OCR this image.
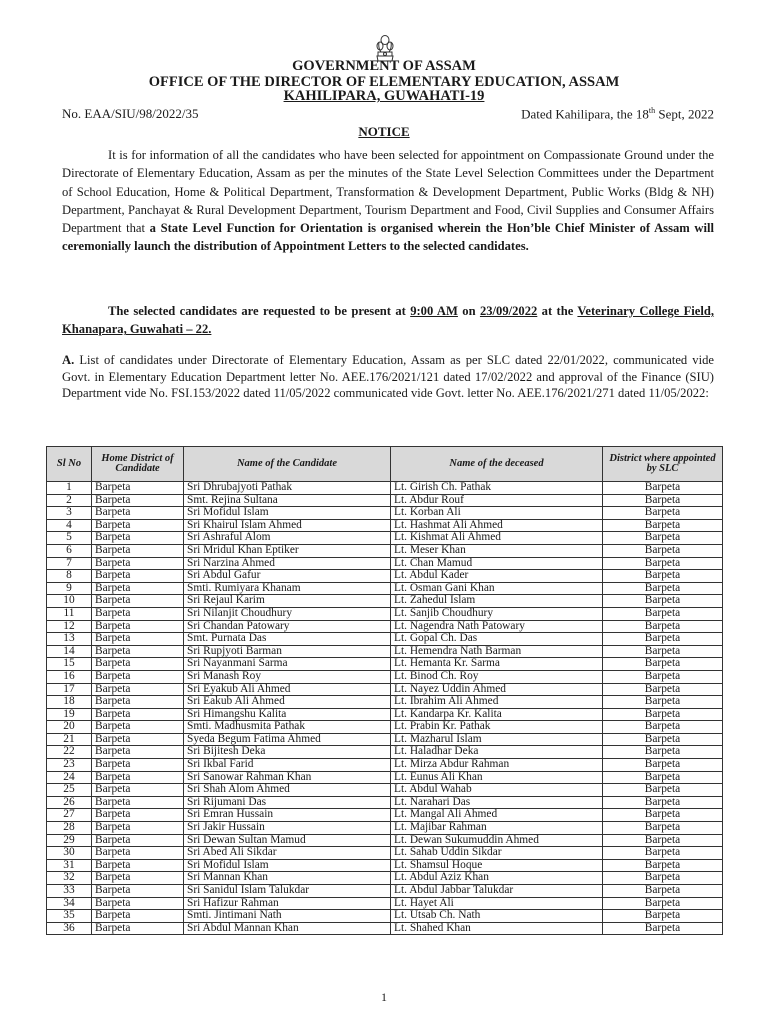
GOVERNMENT OF ASSAM
OFFICE OF THE DIRECTOR OF ELEMENTARY EDUCATION, ASSAM
KAHILIPARA, GUWAHATI-19
No. EAA/SIU/98/2022/35	Dated Kahilipara, the 18th Sept, 2022
NOTICE
It is for information of all the candidates who have been selected for appointment on Compassionate Ground under the Directorate of Elementary Education, Assam as per the minutes of the State Level Selection Committees under the Department of School Education, Home & Political Department, Transformation & Development Department, Public Works (Bldg & NH) Department, Panchayat & Rural Development Department, Tourism Department and Food, Civil Supplies and Consumer Affairs Department that a State Level Function for Orientation is organised wherein the Hon’ble Chief Minister of Assam will ceremonially launch the distribution of Appointment Letters to the selected candidates.
The selected candidates are requested to be present at 9:00 AM on 23/09/2022 at the Veterinary College Field, Khanapara, Guwahati – 22.
A. List of candidates under Directorate of Elementary Education, Assam as per SLC dated 22/01/2022, communicated vide Govt. in Elementary Education Department letter No. AEE.176/2021/121 dated 17/02/2022 and approval of the Finance (SIU) Department vide No. FSI.153/2022 dated 11/05/2022 communicated vide Govt. letter No. AEE.176/2021/271 dated 11/05/2022:
Sl No	Home District of Candidate	Name of the Candidate	Name of the deceased	District where appointed by SLC
1	Barpeta	Sri Dhrubajyoti Pathak	Lt. Girish Ch. Pathak	Barpeta
2	Barpeta	Smt. Rejina Sultana	Lt. Abdur Rouf	Barpeta
3	Barpeta	Sri Mofidul Islam	Lt. Korban Ali	Barpeta
4	Barpeta	Sri Khairul Islam Ahmed	Lt. Hashmat Ali Ahmed	Barpeta
5	Barpeta	Sri Ashraful Alom	Lt. Kishmat Ali Ahmed	Barpeta
6	Barpeta	Sri Mridul Khan Eptiker	Lt. Meser Khan	Barpeta
7	Barpeta	Sri Narzina Ahmed	Lt. Chan Mamud	Barpeta
8	Barpeta	Sri Abdul Gafur	Lt. Abdul Kader	Barpeta
9	Barpeta	Smti. Rumiyara Khanam	Lt. Osman Gani Khan	Barpeta
10	Barpeta	Sri Rejaul Karim	Lt. Zahedul Islam	Barpeta
11	Barpeta	Sri Nilanjit Choudhury	Lt. Sanjib Choudhury	Barpeta
12	Barpeta	Sri Chandan Patowary	Lt. Nagendra Nath Patowary	Barpeta
13	Barpeta	Smt. Purnata Das	Lt. Gopal Ch. Das	Barpeta
14	Barpeta	Sri Rupjyoti Barman	Lt. Hemendra Nath Barman	Barpeta
15	Barpeta	Sri Nayanmani Sarma	Lt. Hemanta Kr. Sarma	Barpeta
16	Barpeta	Sri Manash Roy	Lt. Binod Ch. Roy	Barpeta
17	Barpeta	Sri Eyakub Ali Ahmed	Lt. Nayez Uddin Ahmed	Barpeta
18	Barpeta	Sri Eakub Ali Ahmed	Lt. Ibrahim Ali Ahmed	Barpeta
19	Barpeta	Sri Himangshu Kalita	Lt. Kandarpa Kr. Kalita	Barpeta
20	Barpeta	Smti. Madhusmita Pathak	Lt. Prabin Kr. Pathak	Barpeta
21	Barpeta	Syeda Begum Fatima Ahmed	Lt. Mazharul Islam	Barpeta
22	Barpeta	Sri Bijitesh Deka	Lt. Haladhar Deka	Barpeta
23	Barpeta	Sri Ikbal Farid	Lt. Mirza Abdur Rahman	Barpeta
24	Barpeta	Sri Sanowar Rahman Khan	Lt. Eunus Ali Khan	Barpeta
25	Barpeta	Sri Shah Alom Ahmed	Lt. Abdul Wahab	Barpeta
26	Barpeta	Sri Rijumani Das	Lt. Narahari Das	Barpeta
27	Barpeta	Sri Emran Hussain	Lt. Mangal Ali Ahmed	Barpeta
28	Barpeta	Sri Jakir Hussain	Lt. Majibar Rahman	Barpeta
29	Barpeta	Sri Dewan Sultan Mamud	Lt. Dewan Sukumuddin Ahmed	Barpeta
30	Barpeta	Sri Abed Ali Sikdar	Lt. Sahab Uddin Sikdar	Barpeta
31	Barpeta	Sri Mofidul Islam	Lt. Shamsul Hoque	Barpeta
32	Barpeta	Sri Mannan Khan	Lt. Abdul Aziz Khan	Barpeta
33	Barpeta	Sri Sanidul Islam Talukdar	Lt. Abdul Jabbar Talukdar	Barpeta
34	Barpeta	Sri Hafizur Rahman	Lt. Hayet Ali	Barpeta
35	Barpeta	Smti. Jintimani Nath	Lt. Utsab Ch. Nath	Barpeta
36	Barpeta	Sri Abdul Mannan Khan	Lt. Shahed Khan	Barpeta
1
